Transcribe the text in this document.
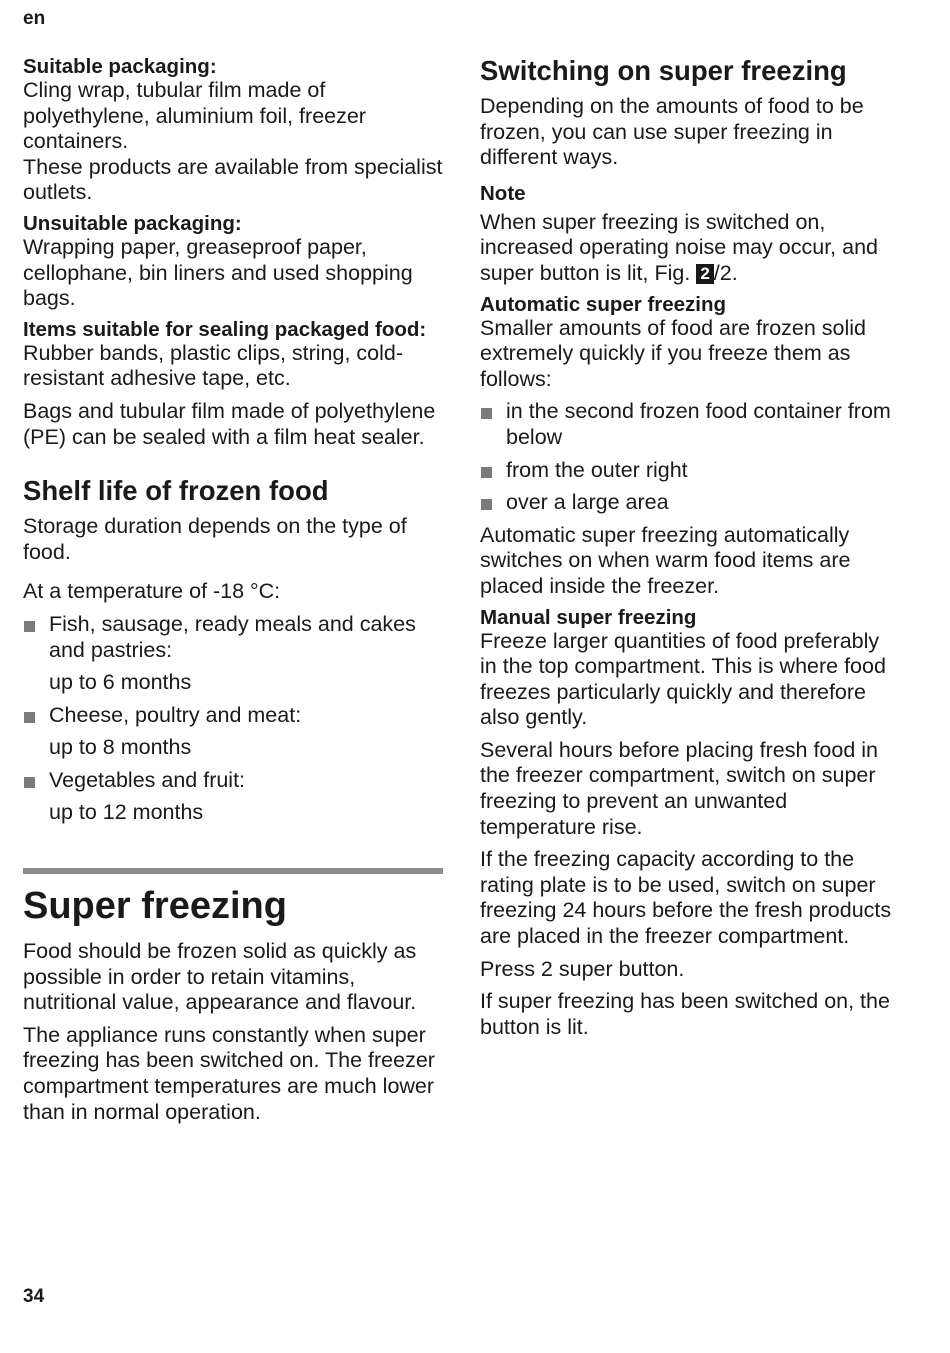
en
Suitable packaging:

Cling wrap, tubular film made of polyethylene, aluminium foil, freezer containers.

These products are available from specialist outlets.

Unsuitable packaging:

Wrapping paper, greaseproof paper, cellophane, bin liners and used shopping bags.

Items suitable for sealing packaged food:

Rubber bands, plastic clips, string, cold-resistant adhesive tape, etc.

Bags and tubular film made of polyethylene (PE) can be sealed with a film heat sealer.

Shelf life of frozen food

Storage duration depends on the type of food.

At a temperature of -18 °C:

Fish, sausage, ready meals and cakes and pastries:
up to 6 months
Cheese, poultry and meat:
up to 8 months
Vegetables and fruit:
up to 12 months
Super freezing

Food should be frozen solid as quickly as possible in order to retain vitamins, nutritional value, appearance and flavour.

The appliance runs constantly when super freezing has been switched on. The freezer compartment temperatures are much lower than in normal operation.

Switching on super freezing

Depending on the amounts of food to be frozen, you can use super freezing in different ways.

Note

When super freezing is switched on, increased operating noise may occur, and super button is lit, Fig. 2 /2.

Automatic super freezing

Smaller amounts of food are frozen solid extremely quickly if you freeze them as follows:

in the second frozen food container from below
from the outer right
over a large area

Automatic super freezing automatically switches on when warm food items are placed inside the freezer.

Manual super freezing

Freeze larger quantities of food preferably in the top compartment. This is where food freezes particularly quickly and therefore also gently.

Several hours before placing fresh food in the freezer compartment, switch on super freezing to prevent an unwanted temperature rise.

If the freezing capacity according to the rating plate is to be used, switch on super freezing 24 hours before the fresh products are placed in the freezer compartment.

Press 2 super button.

If super freezing has been switched on, the button is lit.

34
